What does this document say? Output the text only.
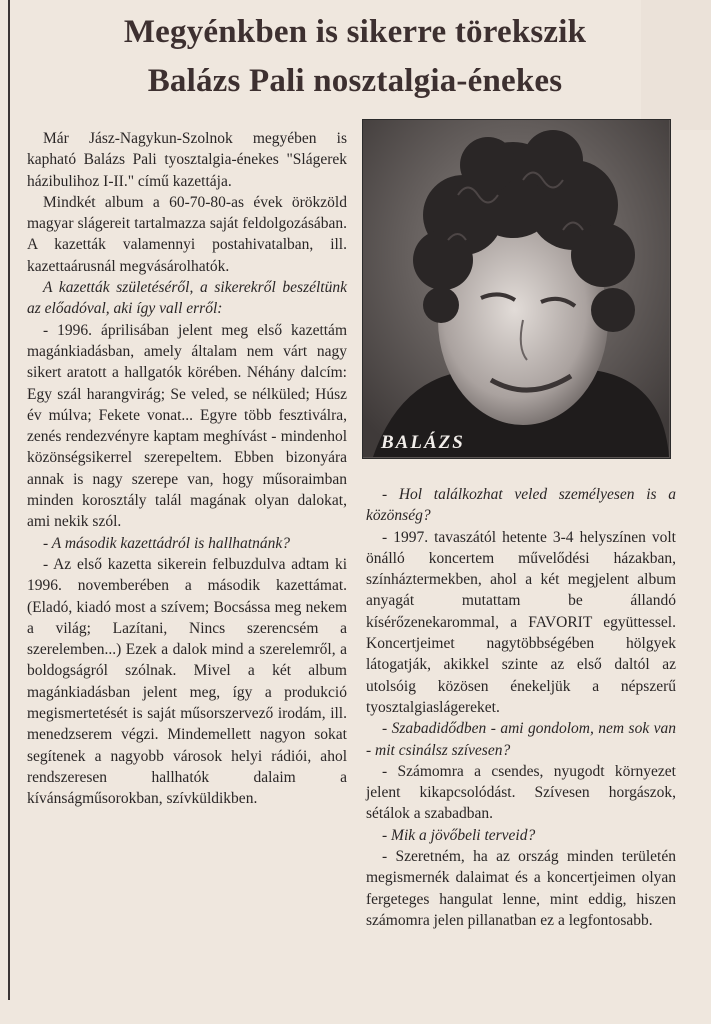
Megyénkben is sikerre törekszik
Balázs Pali nosztalgia-énekes

Már Jász-Nagykun-Szolnok megyében is kapható Balázs Pali tyosztalgia-énekes "Slágerek házibulihoz I-II." című kazettája.

Mindkét album a 60-70-80-as évek örökzöld magyar slágereit tartalmazza saját feldolgozásában. A kazetták valamennyi postahivatalban, ill. kazettaárusnál megvásárolhatók.

A kazetták születéséről, a sikerekről beszéltünk az előadóval, aki így vall erről:

- 1996. áprilisában jelent meg első kazettám magánkiadásban, amely általam nem várt nagy sikert aratott a hallgatók körében. Néhány dalcím: Egy szál harangvirág; Se veled, se nélküled; Húsz év múlva; Fekete vonat... Egyre több fesztiválra, zenés rendezvényre kaptam meghívást - mindenhol közönségsikerrel szerepeltem. Ebben bizonyára annak is nagy szerepe van, hogy műsoraimban minden korosztály talál magának olyan dalokat, ami nekik szól.

- A második kazettádról is hallhatnánk?

- Az első kazetta sikerein felbuzdulva adtam ki 1996. novemberében a második kazettámat. (Eladó, kiadó most a szívem; Bocsássa meg nekem a világ; Lazítani, Nincs szerencsém a szerelemben...) Ezek a dalok mind a szerelemről, a boldogságról szólnak. Mivel a két album magánkiadásban jelent meg, így a produkció megismertetését is saját műsorszervező irodám, ill. menedzserem végzi. Mindemellett nagyon sokat segítenek a nagyobb városok helyi rádiói, ahol rendszeresen hallhatók dalaim a kívánságműsorokban, szívküldikben.

BALÁZS

- Hol találkozhat veled személyesen is a közönség?

- 1997. tavaszától hetente 3-4 helyszínen volt önálló koncertem művelődési házakban, színháztermekben, ahol a két megjelent album anyagát mutattam be állandó kísérőzenekarommal, a FAVORIT együttessel. Koncertjeimet nagytöbbségében hölgyek látogatják, akikkel szinte az első daltól az utolsóig közösen énekeljük a népszerű tyosztalgiaslágereket.

- Szabadidődben - ami gondolom, nem sok van - mit csinálsz szívesen?

- Számomra a csendes, nyugodt környezet jelent kikapcsolódást. Szívesen horgászok, sétálok a szabadban.

- Mik a jövőbeli terveid?

- Szeretném, ha az ország minden területén megismernék dalaimat és a koncertjeimen olyan fergeteges hangulat lenne, mint eddig, hiszen számomra jelen pillanatban ez a legfontosabb.
